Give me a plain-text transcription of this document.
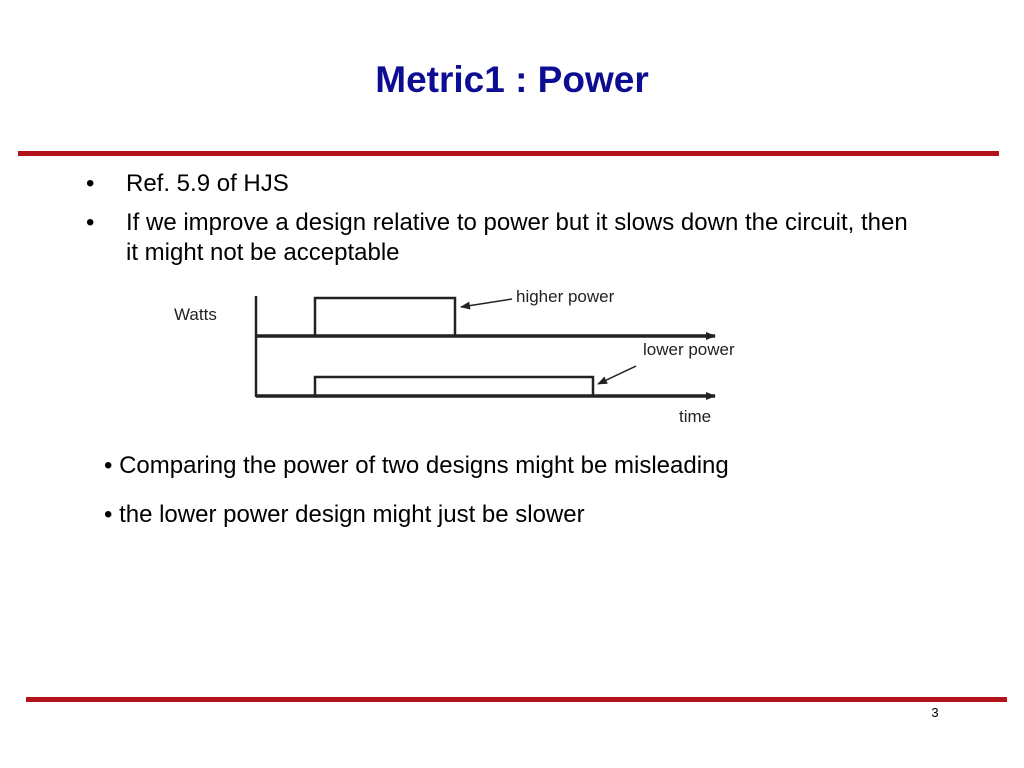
Metric1 : Power
• Ref. 5.9 of HJS
• If we improve a design relative to power but it slows down the circuit, then it might not be acceptable
Watts
higher power
lower power
time
• Comparing the power of two designs might be misleading
• the lower power design might just be slower
3
